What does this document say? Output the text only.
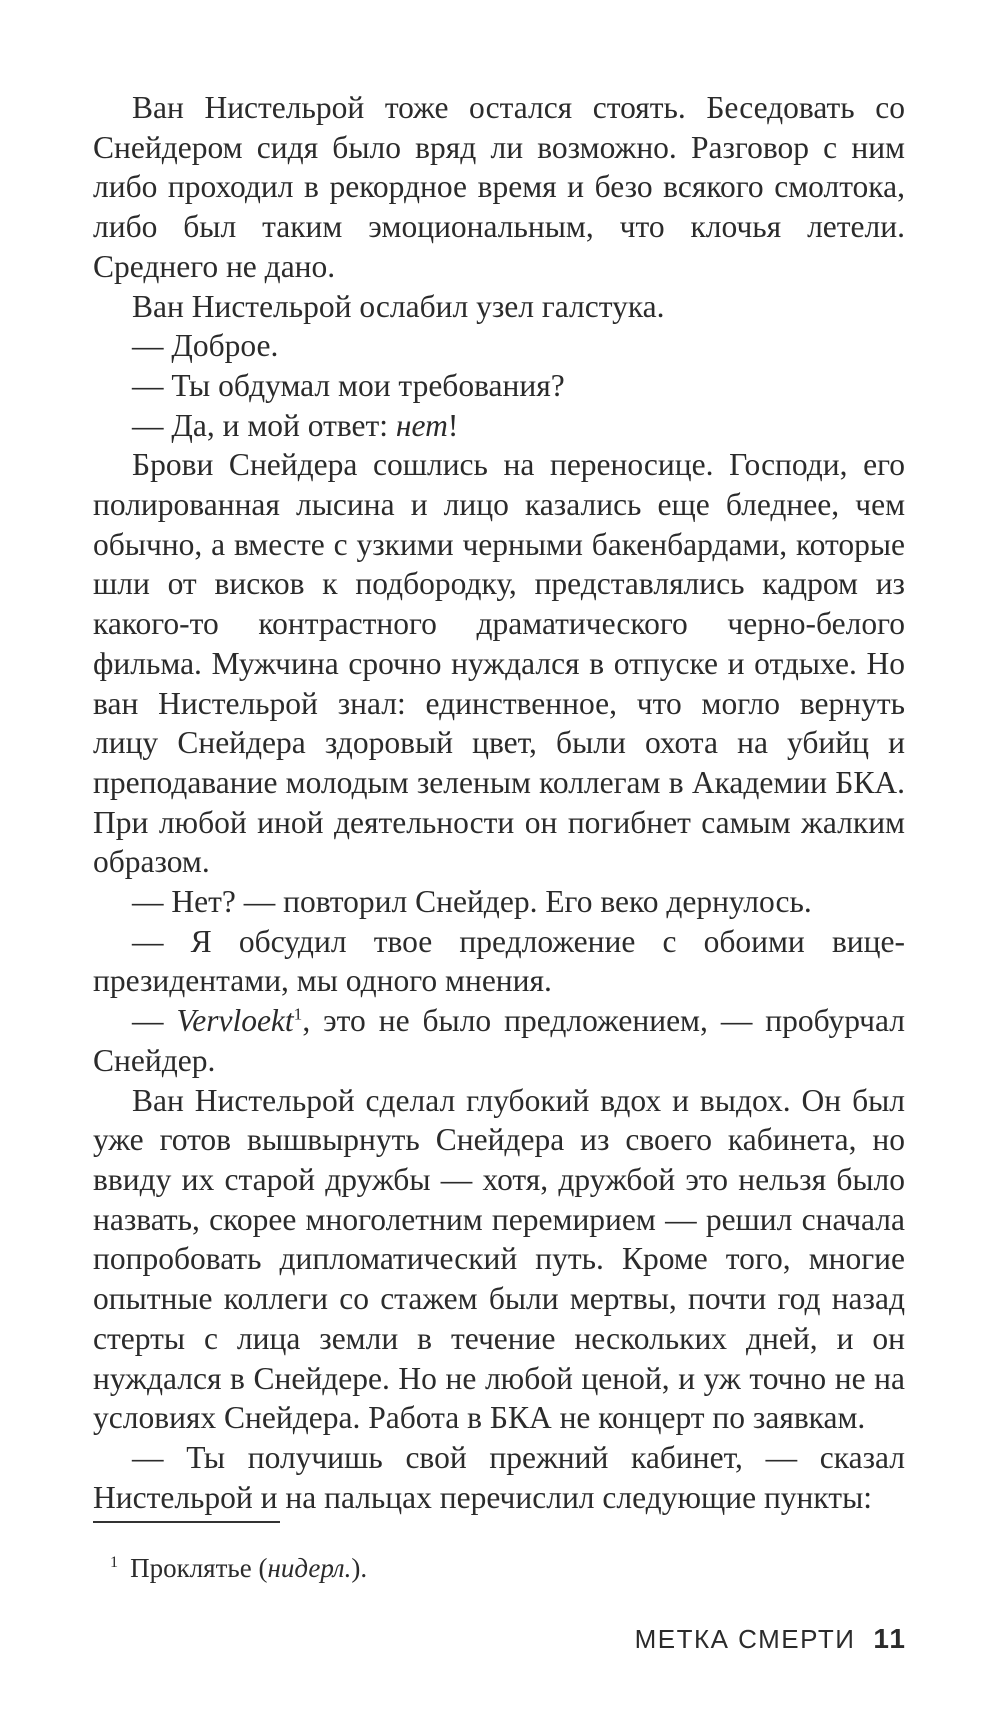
Ван Нистельрой тоже остался стоять. Беседовать со Снейдером сидя было вряд ли возможно. Разговор с ним либо проходил в рекордное время и безо всякого смолтока, либо был таким эмоциональным, что клочья летели. Среднего не дано.

Ван Нистельрой ослабил узел галстука.

— Доброе.

— Ты обдумал мои требования?

— Да, и мой ответ: нет!

Брови Снейдера сошлись на переносице. Господи, его полированная лысина и лицо казались еще бледнее, чем обычно, а вместе с узкими черными бакенбардами, которые шли от висков к подбородку, представлялись кадром из какого-то контрастного драматического черно-белого фильма. Мужчина срочно нуждался в отпуске и отдыхе. Но ван Нистельрой знал: единственное, что могло вернуть лицу Снейдера здоровый цвет, были охота на убийц и преподавание молодым зеленым коллегам в Академии БКА. При любой иной деятельности он погибнет самым жалким образом.

— Нет? — повторил Снейдер. Его веко дернулось.

— Я обсудил твое предложение с обоими вице-президентами, мы одного мнения.

— Vervloekt$^1$, это не было предложением, — пробурчал Снейдер.

Ван Нистельрой сделал глубокий вдох и выдох. Он был уже готов вышвырнуть Снейдера из своего кабинета, но ввиду их старой дружбы — хотя, дружбой это нельзя было назвать, скорее многолетним перемирием — решил сначала попробовать дипломатический путь. Кроме того, многие опытные коллеги со стажем были мертвы, почти год назад стерты с лица земли в течение нескольких дней, и он нуждался в Снейдере. Но не любой ценой, и уж точно не на условиях Снейдера. Работа в БКА не концерт по заявкам.

— Ты получишь свой прежний кабинет, — сказал Нистельрой и на пальцах перечислил следующие пункты:

$^1$ Проклятье (нидерл.).
МЕТКА СМЕРТИ 11
